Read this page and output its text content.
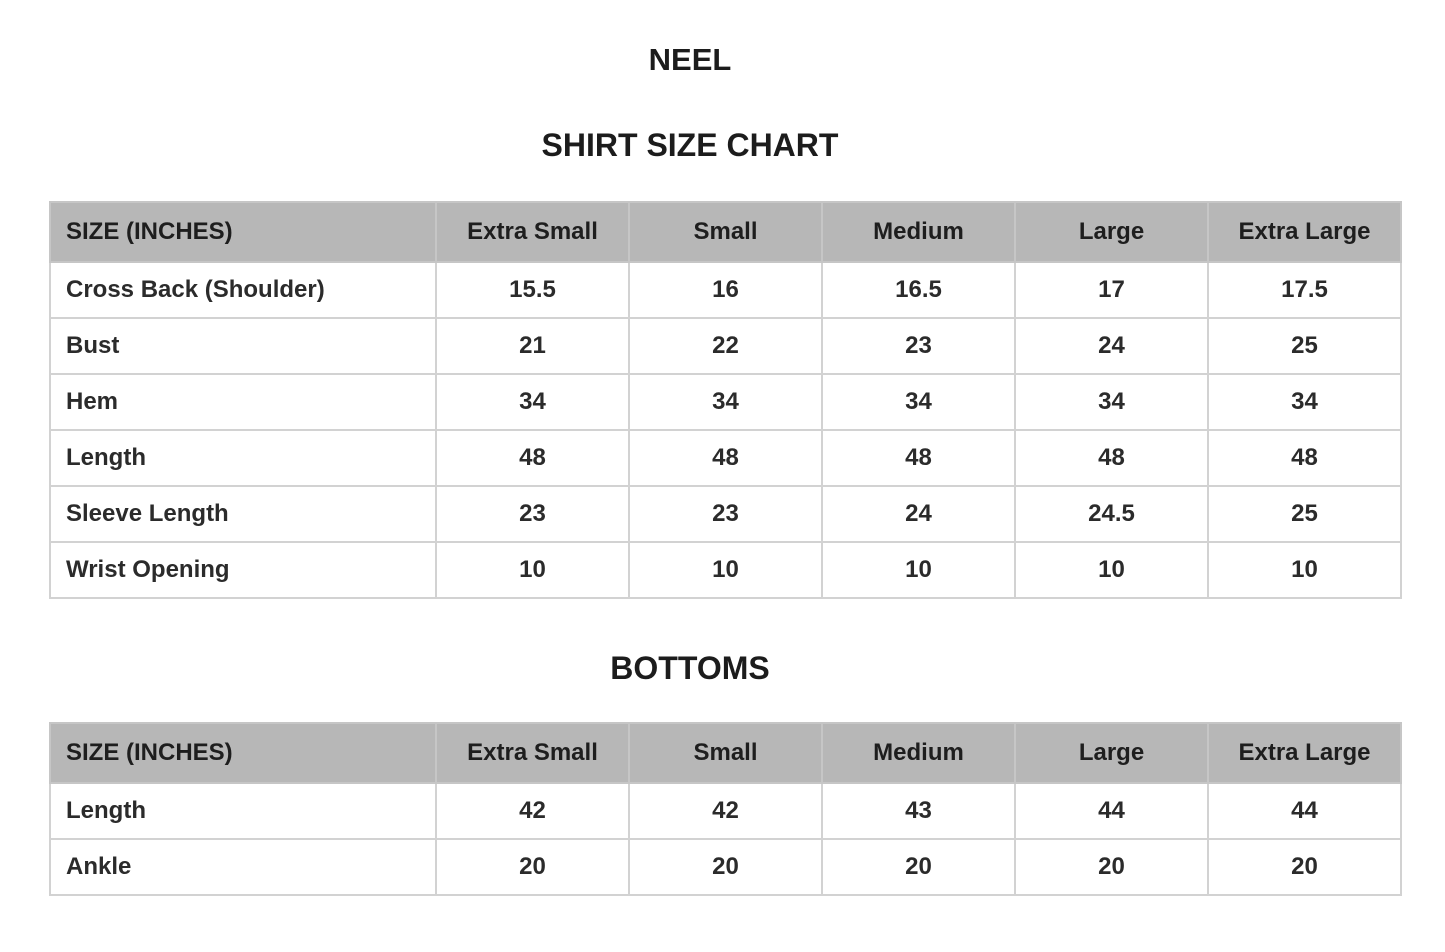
NEEL
SHIRT SIZE CHART
SIZE (INCHES)	Extra Small	Small	Medium	Large	Extra Large
Cross Back (Shoulder)	15.5	16	16.5	17	17.5
Bust	21	22	23	24	25
Hem	34	34	34	34	34
Length	48	48	48	48	48
Sleeve Length	23	23	24	24.5	25
Wrist Opening	10	10	10	10	10
BOTTOMS
SIZE (INCHES)	Extra Small	Small	Medium	Large	Extra Large
Length	42	42	43	44	44
Ankle	20	20	20	20	20
